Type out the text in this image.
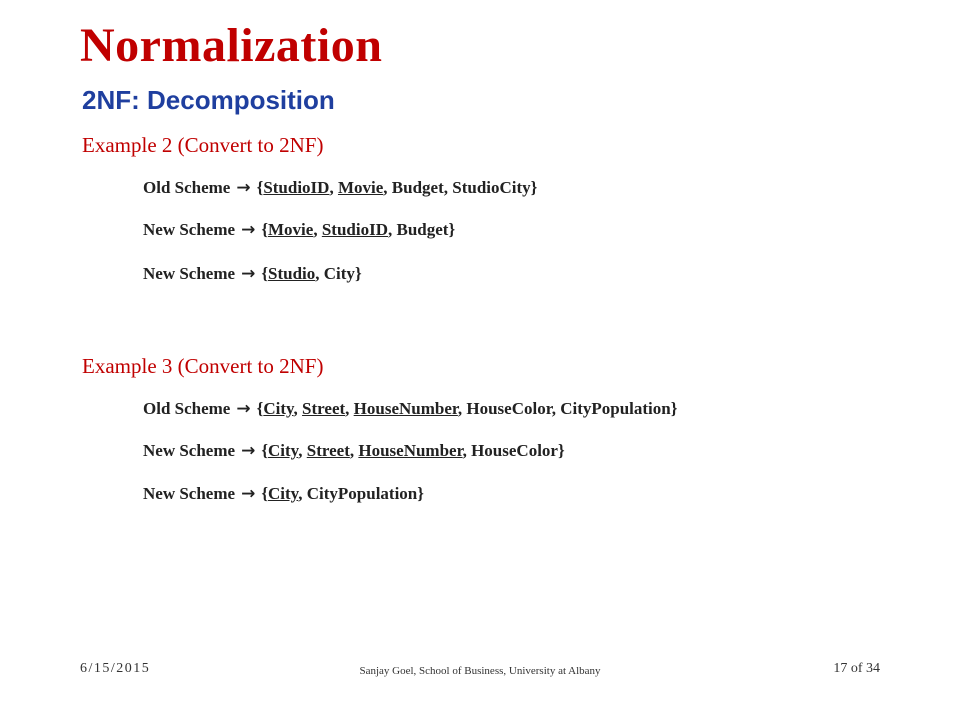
Normalization
2NF: Decomposition
Example 2 (Convert to 2NF)
Old Scheme → {StudioID, Movie, Budget, StudioCity}
New Scheme → {Movie, StudioID, Budget}
New Scheme → {Studio, City}
Example 3 (Convert to 2NF)
Old Scheme → {City, Street, HouseNumber, HouseColor, CityPopulation}
New Scheme → {City, Street, HouseNumber, HouseColor}
New Scheme → {City, CityPopulation}
6/15/2015	Sanjay Goel, School of Business, University at Albany	17 of 34
